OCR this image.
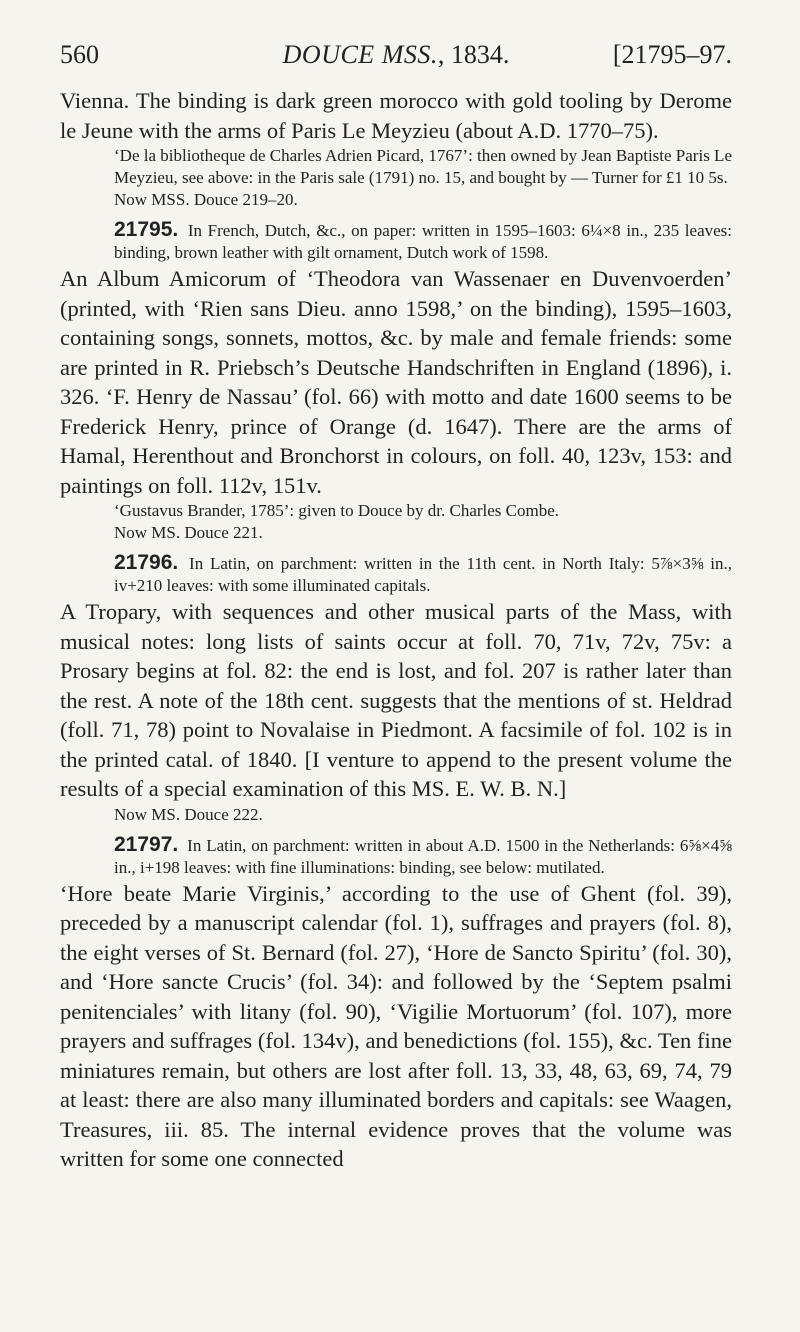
560	DOUCE MSS., 1834.	[21795–97.

Vienna. The binding is dark green morocco with gold tooling by Derome le Jeune with the arms of Paris Le Meyzieu (about A.D. 1770–75).

‘De la bibliotheque de Charles Adrien Picard, 1767’: then owned by Jean Baptiste Paris Le Meyzieu, see above: in the Paris sale (1791) no. 15, and bought by — Turner for £1 10 5s.

Now MSS. Douce 219–20.

21795. In French, Dutch, &c., on paper: written in 1595–1603: 6¼×8 in., 235 leaves: binding, brown leather with gilt ornament, Dutch work of 1598.

An Album Amicorum of ‘Theodora van Wassenaer en Duvenvoerden’ (printed, with ‘Rien sans Dieu. anno 1598,’ on the binding), 1595–1603, containing songs, sonnets, mottos, &c. by male and female friends: some are printed in R. Priebsch’s Deutsche Handschriften in England (1896), i. 326. ‘F. Henry de Nassau’ (fol. 66) with motto and date 1600 seems to be Frederick Henry, prince of Orange (d. 1647). There are the arms of Hamal, Herenthout and Bronchorst in colours, on foll. 40, 123v, 153: and paintings on foll. 112v, 151v.

‘Gustavus Brander, 1785’: given to Douce by dr. Charles Combe.

Now MS. Douce 221.

21796. In Latin, on parchment: written in the 11th cent. in North Italy: 5⅞×3⅝ in., iv+210 leaves: with some illuminated capitals.

A Tropary, with sequences and other musical parts of the Mass, with musical notes: long lists of saints occur at foll. 70, 71v, 72v, 75v: a Prosary begins at fol. 82: the end is lost, and fol. 207 is rather later than the rest. A note of the 18th cent. suggests that the mentions of st. Heldrad (foll. 71, 78) point to Novalaise in Piedmont. A facsimile of fol. 102 is in the printed catal. of 1840. [I venture to append to the present volume the results of a special examination of this MS. E. W. B. N.]

Now MS. Douce 222.

21797. In Latin, on parchment: written in about A.D. 1500 in the Netherlands: 6⅝×4⅝ in., i+198 leaves: with fine illuminations: binding, see below: mutilated.

‘Hore beate Marie Virginis,’ according to the use of Ghent (fol. 39), preceded by a manuscript calendar (fol. 1), suffrages and prayers (fol. 8), the eight verses of St. Bernard (fol. 27), ‘Hore de Sancto Spiritu’ (fol. 30), and ‘Hore sancte Crucis’ (fol. 34): and followed by the ‘Septem psalmi penitenciales’ with litany (fol. 90), ‘Vigilie Mortuorum’ (fol. 107), more prayers and suffrages (fol. 134v), and benedictions (fol. 155), &c. Ten fine miniatures remain, but others are lost after foll. 13, 33, 48, 63, 69, 74, 79 at least: there are also many illuminated borders and capitals: see Waagen, Treasures, iii. 85. The internal evidence proves that the volume was written for some one connected
